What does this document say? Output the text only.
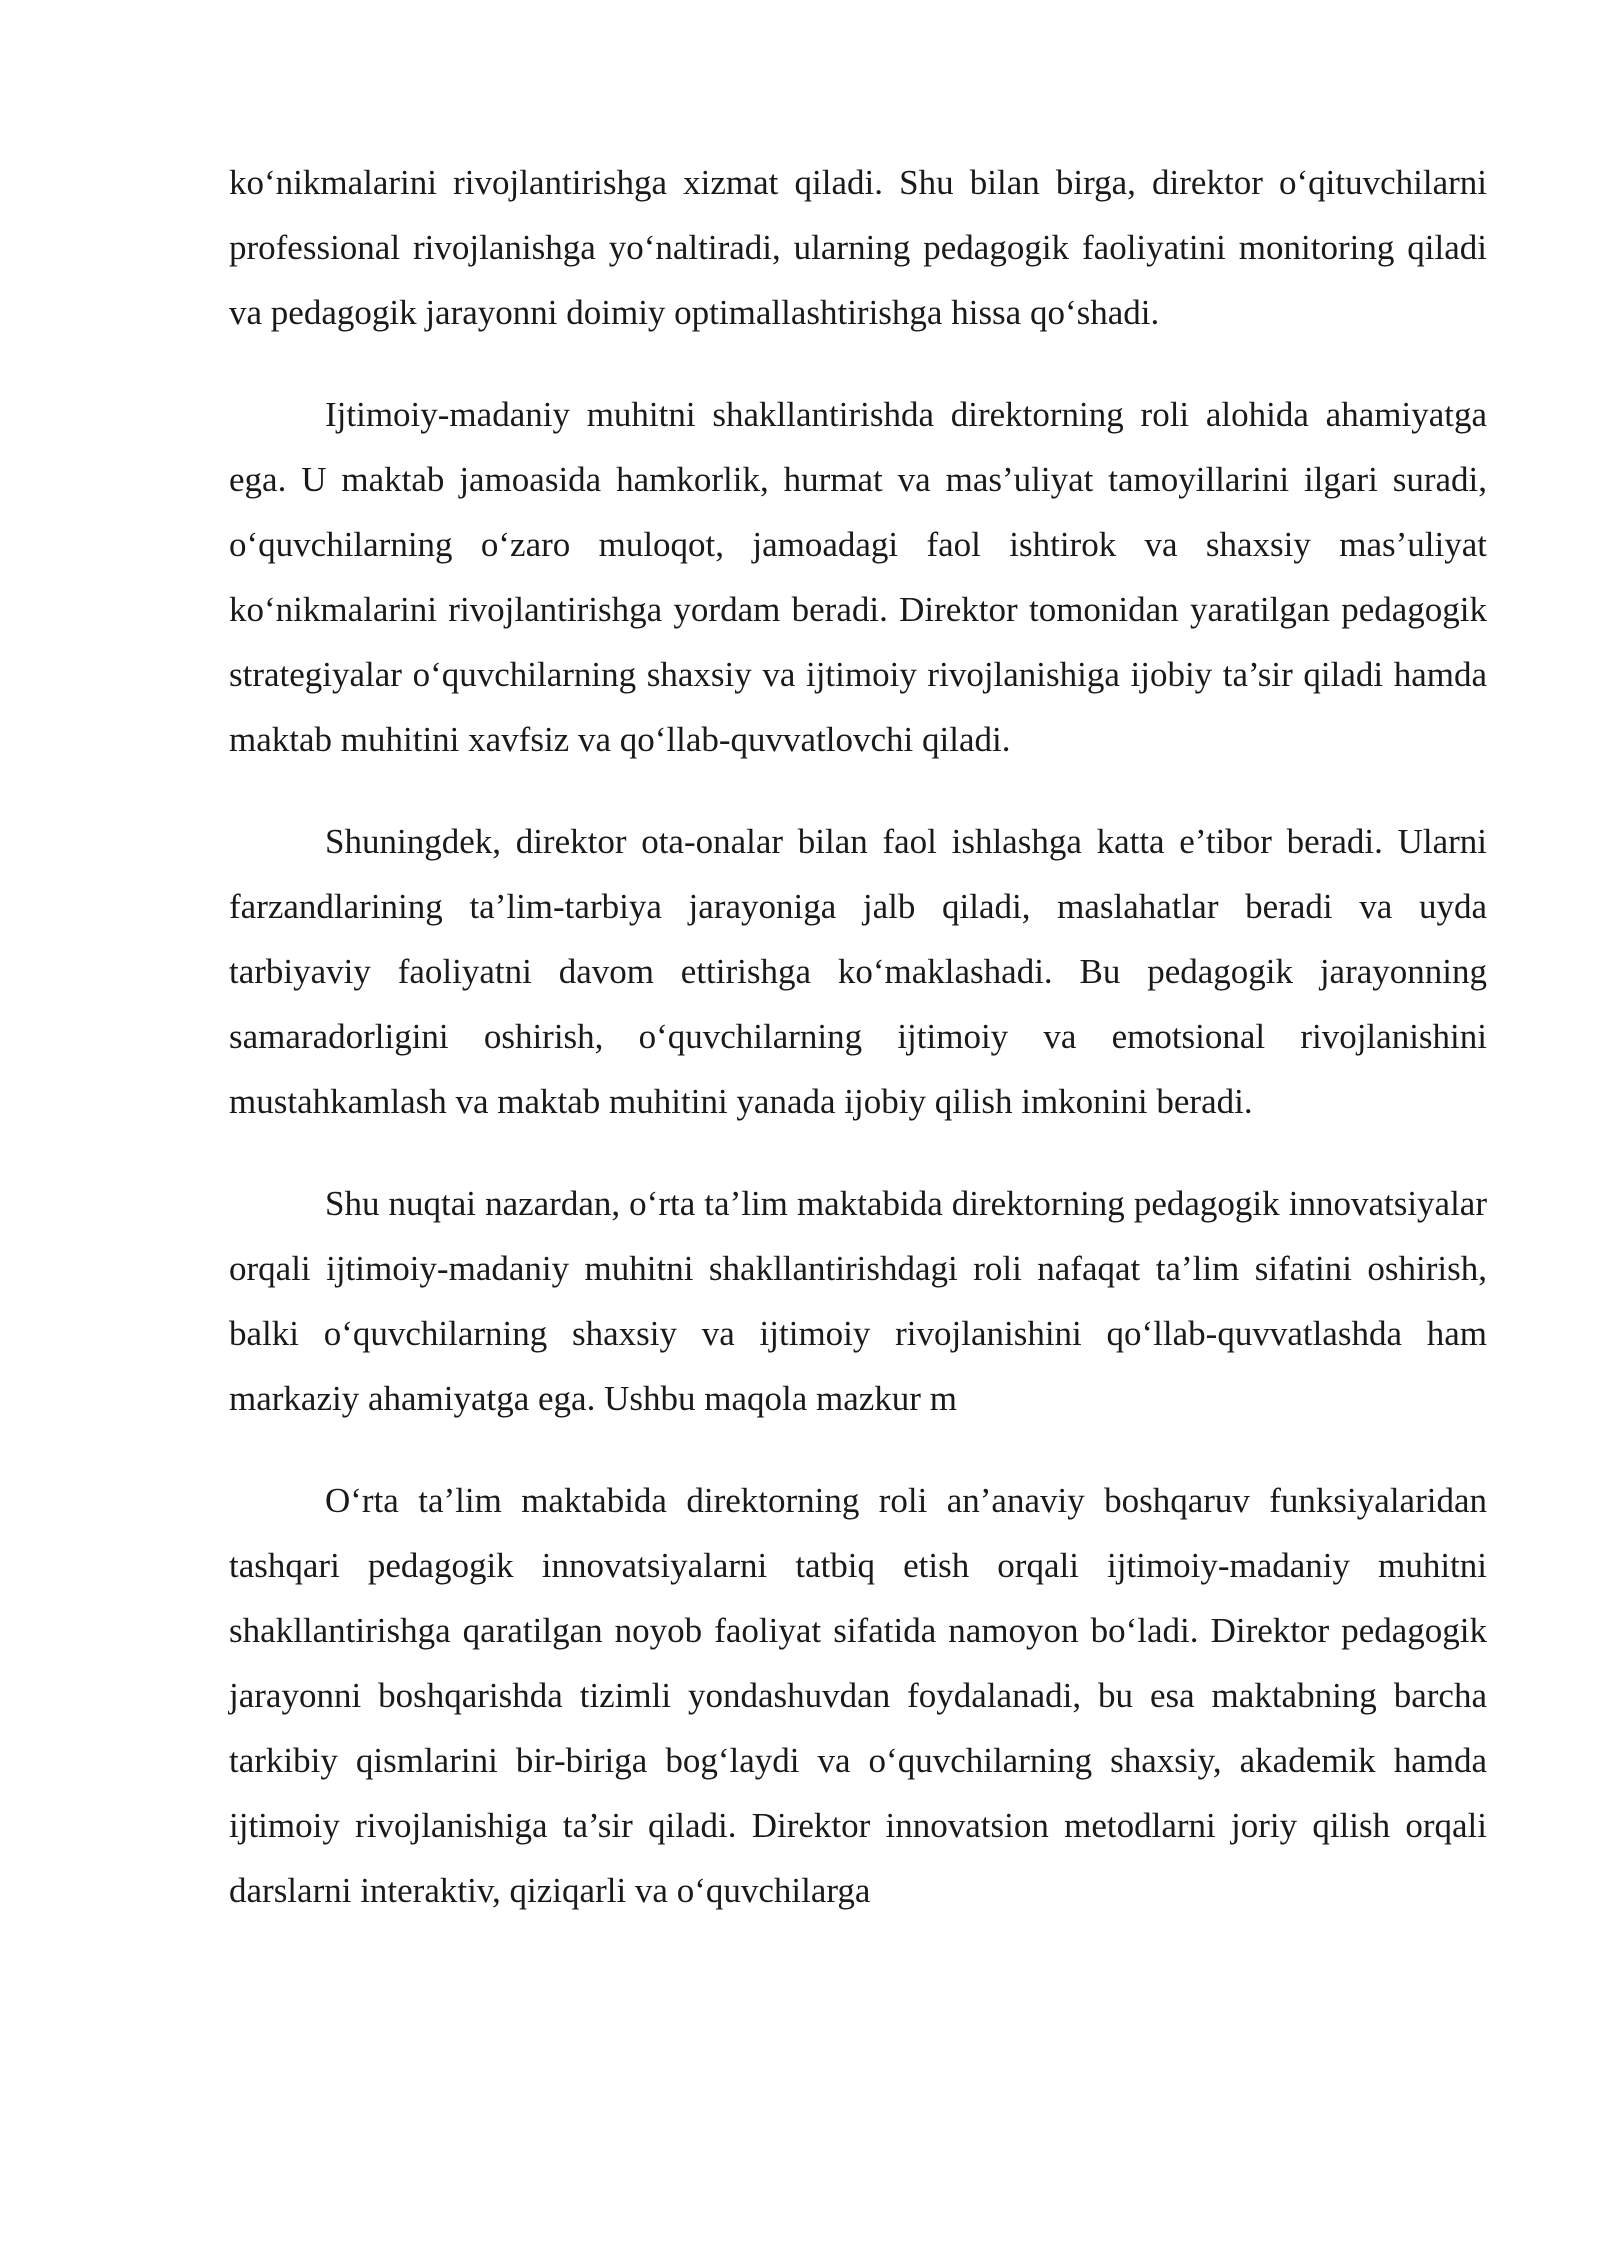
ko‘nikmalarini rivojlantirishga xizmat qiladi. Shu bilan birga, direktor o‘qituvchilarni professional rivojlanishga yo‘naltiradi, ularning pedagogik faoliyatini monitoring qiladi va pedagogik jarayonni doimiy optimallashtirishga hissa qo‘shadi.

Ijtimoiy-madaniy muhitni shakllantirishda direktorning roli alohida ahamiyatga ega. U maktab jamoasida hamkorlik, hurmat va mas’uliyat tamoyillarini ilgari suradi, o‘quvchilarning o‘zaro muloqot, jamoadagi faol ishtirok va shaxsiy mas’uliyat ko‘nikmalarini rivojlantirishga yordam beradi. Direktor tomonidan yaratilgan pedagogik strategiyalar o‘quvchilarning shaxsiy va ijtimoiy rivojlanishiga ijobiy ta’sir qiladi hamda maktab muhitini xavfsiz va qo‘llab-quvvatlovchi qiladi.

Shuningdek, direktor ota-onalar bilan faol ishlashga katta e’tibor beradi. Ularni farzandlarining ta’lim-tarbiya jarayoniga jalb qiladi, maslahatlar beradi va uyda tarbiyaviy faoliyatni davom ettirishga ko‘maklashadi. Bu pedagogik jarayonning samaradorligini oshirish, o‘quvchilarning ijtimoiy va emotsional rivojlanishini mustahkamlash va maktab muhitini yanada ijobiy qilish imkonini beradi.

Shu nuqtai nazardan, o‘rta ta’lim maktabida direktorning pedagogik innovatsiyalar orqali ijtimoiy-madaniy muhitni shakllantirishdagi roli nafaqat ta’lim sifatini oshirish, balki o‘quvchilarning shaxsiy va ijtimoiy rivojlanishini qo‘llab-quvvatlashda ham markaziy ahamiyatga ega. Ushbu maqola mazkur m

O‘rta ta’lim maktabida direktorning roli an’anaviy boshqaruv funksiyalaridan tashqari pedagogik innovatsiyalarni tatbiq etish orqali ijtimoiy-madaniy muhitni shakllantirishga qaratilgan noyob faoliyat sifatida namoyon bo‘ladi. Direktor pedagogik jarayonni boshqarishda tizimli yondashuvdan foydalanadi, bu esa maktabning barcha tarkibiy qismlarini bir-biriga bog‘laydi va o‘quvchilarning shaxsiy, akademik hamda ijtimoiy rivojlanishiga ta’sir qiladi. Direktor innovatsion metodlarni joriy qilish orqali darslarni interaktiv, qiziqarli va o‘quvchilarga
